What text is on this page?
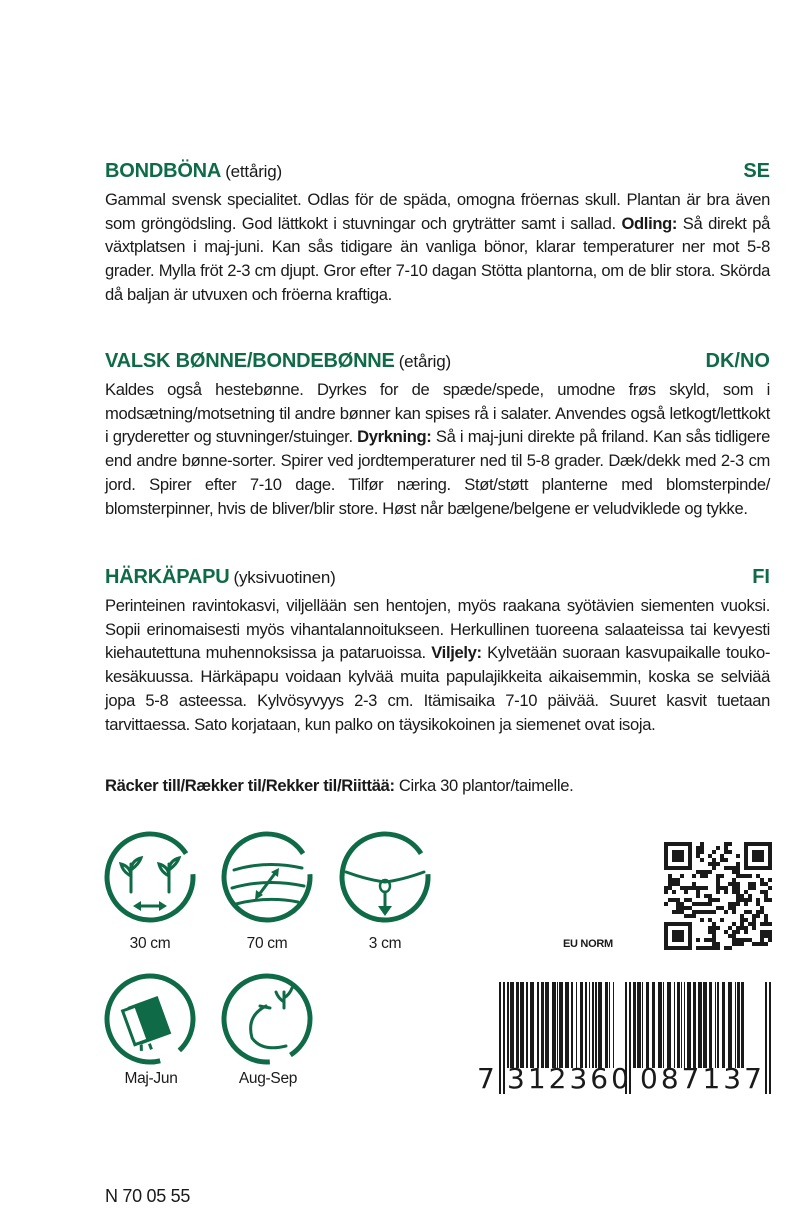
BONDBÖNA (ettårig)	SE
Gammal svensk specialitet. Odlas för de späda, omogna fröernas skull. Plantan är bra även som gröngödsling. God lättkokt i stuvningar och gryträtter samt i sallad. Odling: Så direkt på växtplatsen i maj-juni. Kan sås tidigare än vanliga bönor, klarar temperaturer ner mot 5-8 grader. Mylla fröt 2-3 cm djupt. Gror efter 7-10 dagan Stötta plantorna, om de blir stora. Skörda då baljan är utvuxen och fröerna kraftiga.
VALSK BØNNE/BONDEBØNNE (etårig)	DK/NO
Kaldes også hestebønne. Dyrkes for de spæde/spede, umodne frøs skyld, som i modsætning/motsetning til andre bønner kan spises rå i salater. Anvendes også letkogt/lettkokt i gryderetter og stuvninger/stuinger. Dyrkning: Så i maj-juni direkte på friland. Kan sås tidligere end andre bønne-sorter. Spirer ved jordtemperaturer ned til 5-8 grader. Dæk/dekk med 2-3 cm jord. Spirer efter 7-10 dage. Tilfør næring. Støt/støtt planterne med blomsterpinde/ blomsterpinner, hvis de bliver/blir store. Høst når bælgene/belgene er veludviklede og tykke.
HÄRKÄPAPU (yksivuotinen)	FI
Perinteinen ravintokasvi, viljellään sen hentojen, myös raakana syötävien siementen vuoksi. Sopii erinomaisesti myös vihantalannoitukseen. Herkullinen tuoreena salaateissa tai kevyesti kiehautettuna muhennoksissa ja pataruoissa. Viljely: Kylvetään suoraan kasvupaikalle touko-kesäkuussa. Härkäpapu voidaan kylvää muita papulajikkeita aikaisemmin, koska se selviää jopa 5-8 asteessa. Kylvösyvyys 2-3 cm. Itämisaika 7-10 päivää. Suuret kasvit tuetaan tarvittaessa. Sato korjataan, kun palko on täysikokoinen ja siemenet ovat isoja.
Räcker till/Rækker til/Rekker til/Riittää: Cirka 30 plantor/taimelle.
30 cm	70 cm	3 cm
Maj-Jun	Aug-Sep
EU NORM
7 312360 087137
N 70 05 55
